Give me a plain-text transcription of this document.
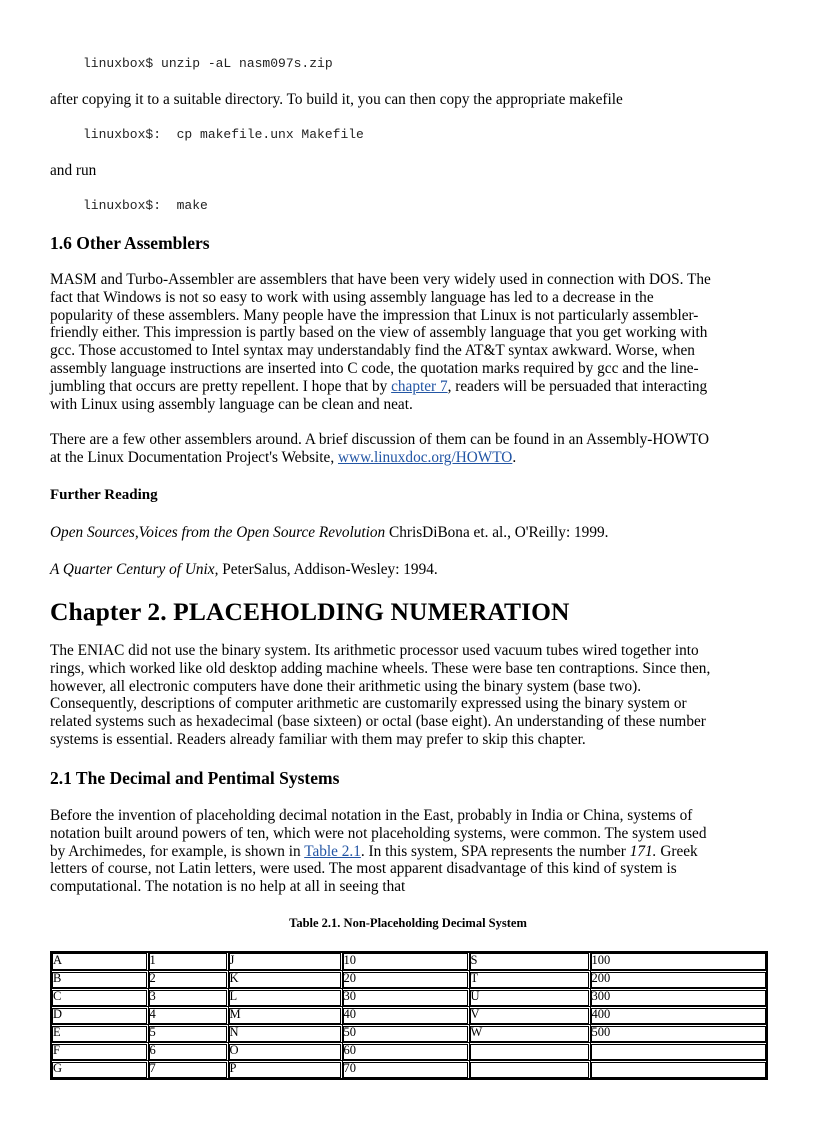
linuxbox$ unzip -aL nasm097s.zip

after copying it to a suitable directory. To build it, you can then copy the appropriate makefile

linuxbox$:  cp makefile.unx Makefile

and run

linuxbox$:  make
1.6 Other Assemblers
MASM and Turbo-Assembler are assemblers that have been very widely used in connection with DOS. The
fact that Windows is not so easy to work with using assembly language has led to a decrease in the
popularity of these assemblers. Many people have the impression that Linux is not particularly assembler-
friendly either. This impression is partly based on the view of assembly language that you get working with
gcc. Those accustomed to Intel syntax may understandably find the AT&T syntax awkward. Worse, when
assembly language instructions are inserted into C code, the quotation marks required by gcc and the line-
jumbling that occurs are pretty repellent. I hope that by chapter 7, readers will be persuaded that interacting
with Linux using assembly language can be clean and neat.
There are a few other assemblers around. A brief discussion of them can be found in an Assembly-HOWTO
at the Linux Documentation Project's Website, www.linuxdoc.org/HOWTO.
Further Reading

Open Sources,Voices from the Open Source Revolution ChrisDiBona et. al., O'Reilly: 1999.

A Quarter Century of Unix, PeterSalus, Addison-Wesley: 1994.

Chapter 2. PLACEHOLDING NUMERATION
The ENIAC did not use the binary system. Its arithmetic processor used vacuum tubes wired together into
rings, which worked like old desktop adding machine wheels. These were base ten contraptions. Since then,
however, all electronic computers have done their arithmetic using the binary system (base two).
Consequently, descriptions of computer arithmetic are customarily expressed using the binary system or
related systems such as hexadecimal (base sixteen) or octal (base eight). An understanding of these number
systems is essential. Readers already familiar with them may prefer to skip this chapter.
2.1 The Decimal and Pentimal Systems
Before the invention of placeholding decimal notation in the East, probably in India or China, systems of
notation built around powers of ten, which were not placeholding systems, were common. The system used
by Archimedes, for example, is shown in Table 2.1. In this system, SPA represents the number 171. Greek
letters of course, not Latin letters, were used. The most apparent disadvantage of this kind of system is
computational. The notation is no help at all in seeing that

Table 2.1. Non-Placeholding Decimal System

A	1	J	10	S	100
B	2	K	20	T	200
C	3	L	30	U	300
D	4	M	40	V	400
E	5	N	50	W	500
F	6	O	60		
G	7	P	70		
